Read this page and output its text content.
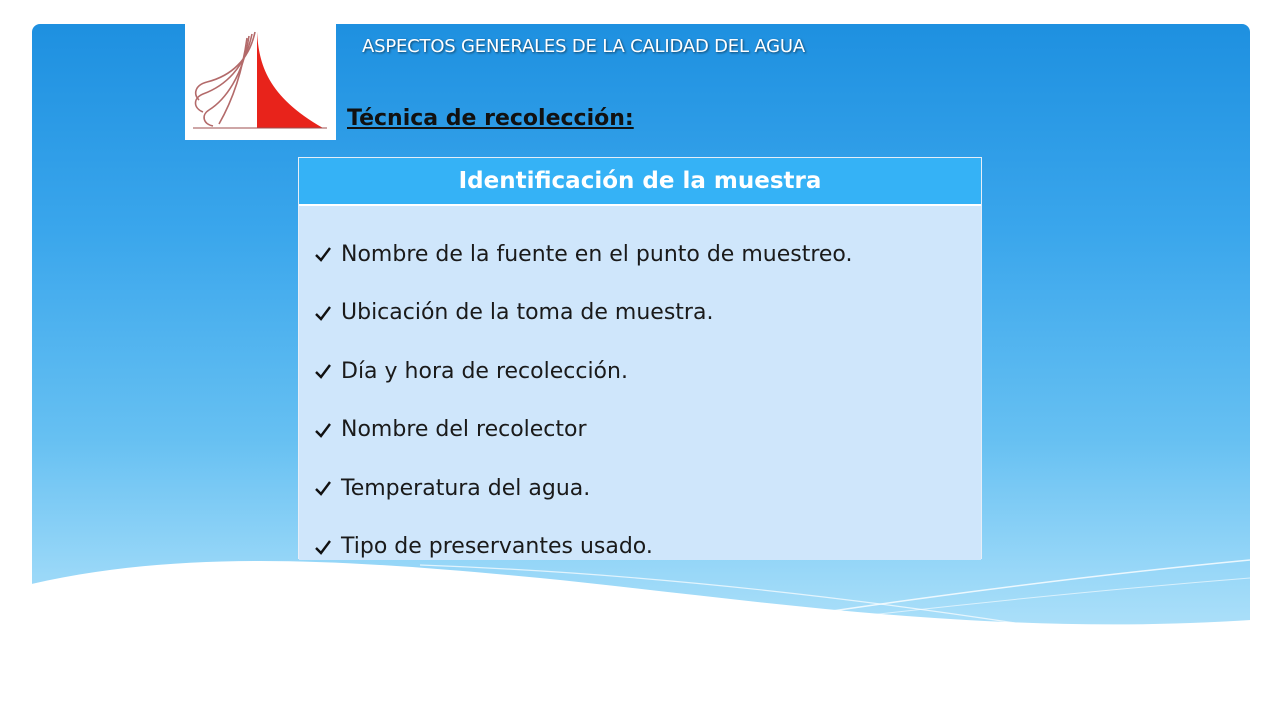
ASPECTOS GENERALES DE LA CALIDAD DEL AGUA
Técnica de recolección:
Identificación de la muestra
Nombre de la fuente en el punto de muestreo.
Ubicación de la toma de muestra.
Día y hora de recolección.
Nombre del recolector
Temperatura del agua.
Tipo de preservantes usado.
